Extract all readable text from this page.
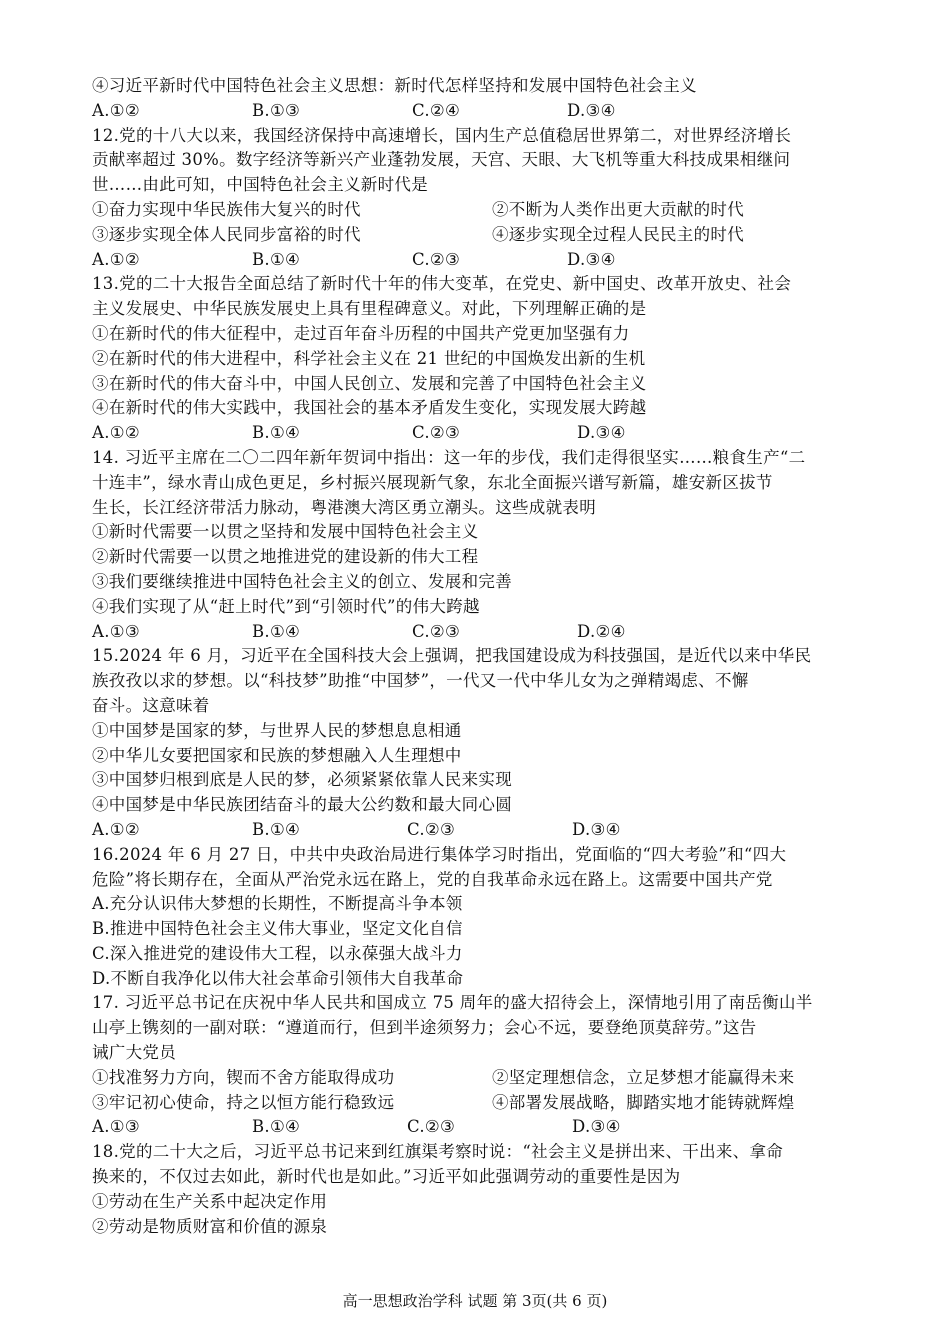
④习近平新时代中国特色社会主义思想：新时代怎样坚持和发展中国特色社会主义
A.①②	B.①③	C.②④	D.③④
12.党的十八大以来，我国经济保持中高速增长，国内生产总值稳居世界第二，对世界经济增长
贡献率超过 30%。数字经济等新兴产业蓬勃发展，天宫、天眼、大飞机等重大科技成果相继问
世……由此可知，中国特色社会主义新时代是
①奋力实现中华民族伟大复兴的时代	②不断为人类作出更大贡献的时代
③逐步实现全体人民同步富裕的时代	④逐步实现全过程人民民主的时代
A.①②	B.①④	C.②③	D.③④
13.党的二十大报告全面总结了新时代十年的伟大变革，在党史、新中国史、改革开放史、社会
主义发展史、中华民族发展史上具有里程碑意义。对此，下列理解正确的是
①在新时代的伟大征程中，走过百年奋斗历程的中国共产党更加坚强有力
②在新时代的伟大进程中，科学社会主义在 21 世纪的中国焕发出新的生机
③在新时代的伟大奋斗中，中国人民创立、发展和完善了中国特色社会主义
④在新时代的伟大实践中，我国社会的基本矛盾发生变化，实现发展大跨越
A.①②	B.①④	C.②③	D.③④
14. 习近平主席在二〇二四年新年贺词中指出：这一年的步伐，我们走得很坚实……粮食生产“二
十连丰”，绿水青山成色更足，乡村振兴展现新气象，东北全面振兴谱写新篇，雄安新区拔节
生长，长江经济带活力脉动，粤港澳大湾区勇立潮头。这些成就表明
①新时代需要一以贯之坚持和发展中国特色社会主义
②新时代需要一以贯之地推进党的建设新的伟大工程
③我们要继续推进中国特色社会主义的创立、发展和完善
④我们实现了从“赶上时代”到“引领时代”的伟大跨越
A.①③	B.①④	C.②③	D.②④
15.2024 年 6 月，习近平在全国科技大会上强调，把我国建设成为科技强国，是近代以来中华民
族孜孜以求的梦想。以“科技梦”助推“中国梦”，一代又一代中华儿女为之弹精竭虑、不懈
奋斗。这意味着
①中国梦是国家的梦，与世界人民的梦想息息相通
②中华儿女要把国家和民族的梦想融入人生理想中
③中国梦归根到底是人民的梦，必须紧紧依靠人民来实现
④中国梦是中华民族团结奋斗的最大公约数和最大同心圆
A.①②	B.①④	C.②③	D.③④
16.2024 年 6 月 27 日，中共中央政治局进行集体学习时指出，党面临的“四大考验”和“四大
危险”将长期存在，全面从严治党永远在路上，党的自我革命永远在路上。这需要中国共产党
A.充分认识伟大梦想的长期性，不断提高斗争本领
B.推进中国特色社会主义伟大事业，坚定文化自信
C.深入推进党的建设伟大工程，以永葆强大战斗力
D.不断自我净化以伟大社会革命引领伟大自我革命
17. 习近平总书记在庆祝中华人民共和国成立 75 周年的盛大招待会上，深情地引用了南岳衡山半
山亭上镌刻的一副对联：“遵道而行，但到半途须努力；会心不远，要登绝顶莫辞劳。”这告
诫广大党员
①找准努力方向，锲而不舍方能取得成功	②坚定理想信念，立足梦想才能赢得未来
③牢记初心使命，持之以恒方能行稳致远	④部署发展战略，脚踏实地才能铸就辉煌
A.①③	B.①④	C.②③	D.③④
18.党的二十大之后，习近平总书记来到红旗渠考察时说：“社会主义是拼出来、干出来、拿命
换来的，不仅过去如此，新时代也是如此。”习近平如此强调劳动的重要性是因为
①劳动在生产关系中起决定作用
②劳动是物质财富和价值的源泉
高一思想政治学科 试题 第 3页(共 6 页)
